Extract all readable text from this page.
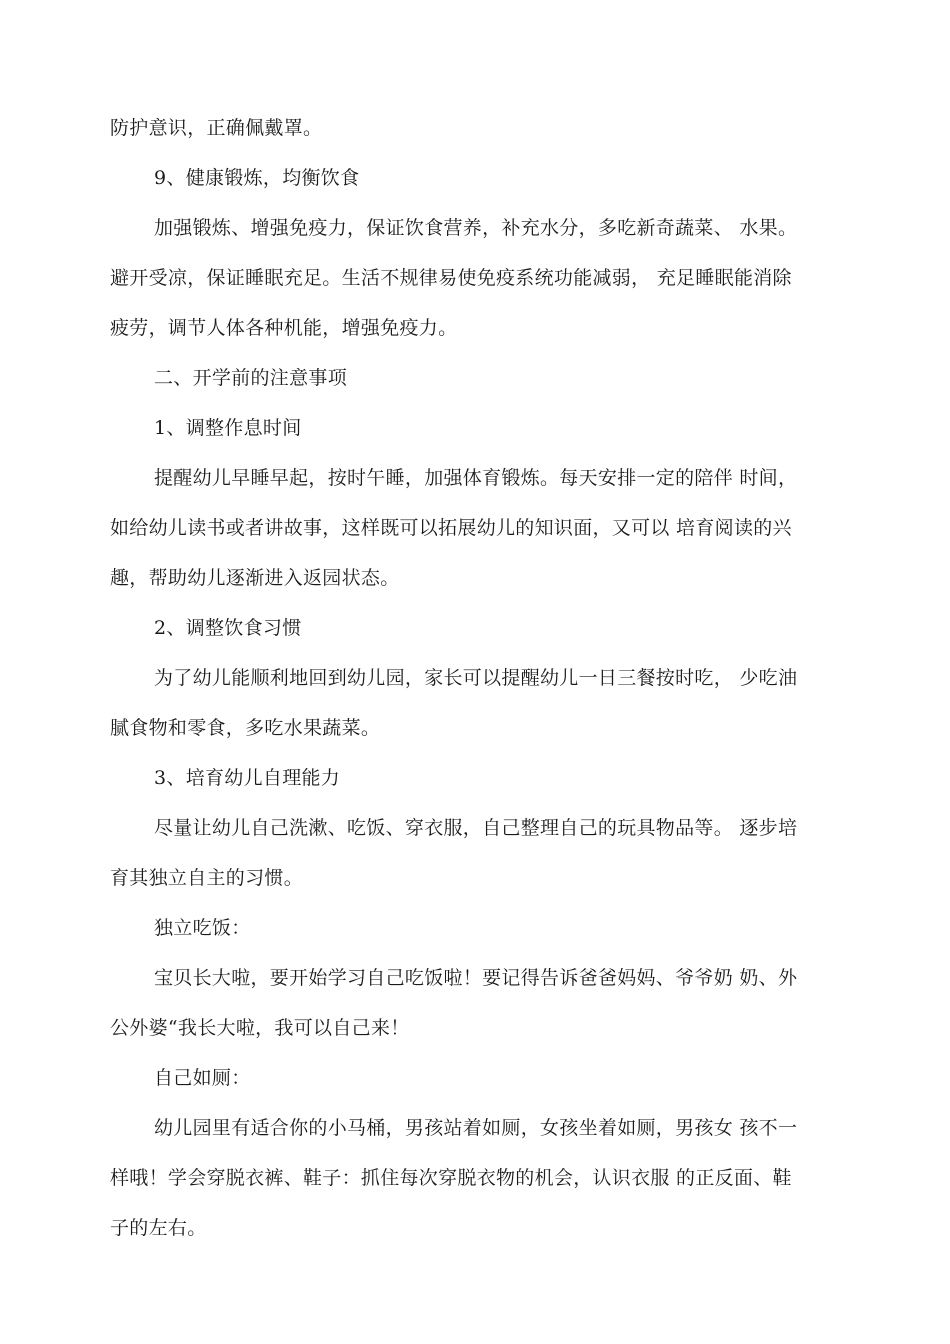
防护意识，正确佩戴罩。
9、健康锻炼，均衡饮食
加强锻炼、增强免疫力，保证饮食营养，补充水分，多吃新奇蔬菜、 水果。
避开受凉，保证睡眠充足。生活不规律易使免疫系统功能减弱， 充足睡眠能消除
疲劳，调节人体各种机能，增强免疫力。
二、开学前的注意事项
1、调整作息时间
提醒幼儿早睡早起，按时午睡，加强体育锻炼。每天安排一定的陪伴 时间，
如给幼儿读书或者讲故事，这样既可以拓展幼儿的知识面，又可以 培育阅读的兴
趣，帮助幼儿逐渐进入返园状态。
2、调整饮食习惯
为了幼儿能顺利地回到幼儿园，家长可以提醒幼儿一日三餐按时吃， 少吃油
腻食物和零食，多吃水果蔬菜。
3、培育幼儿自理能力
尽量让幼儿自己洗漱、吃饭、穿衣服，自己整理自己的玩具物品等。 逐步培
育其独立自主的习惯。
独立吃饭：
宝贝长大啦，要开始学习自己吃饭啦！要记得告诉爸爸妈妈、爷爷奶 奶、外
公外婆“我长大啦，我可以自己来！
自己如厕：
幼儿园里有适合你的小马桶，男孩站着如厕，女孩坐着如厕，男孩女 孩不一
样哦！学会穿脱衣裤、鞋子：抓住每次穿脱衣物的机会，认识衣服 的正反面、鞋
子的左右。
